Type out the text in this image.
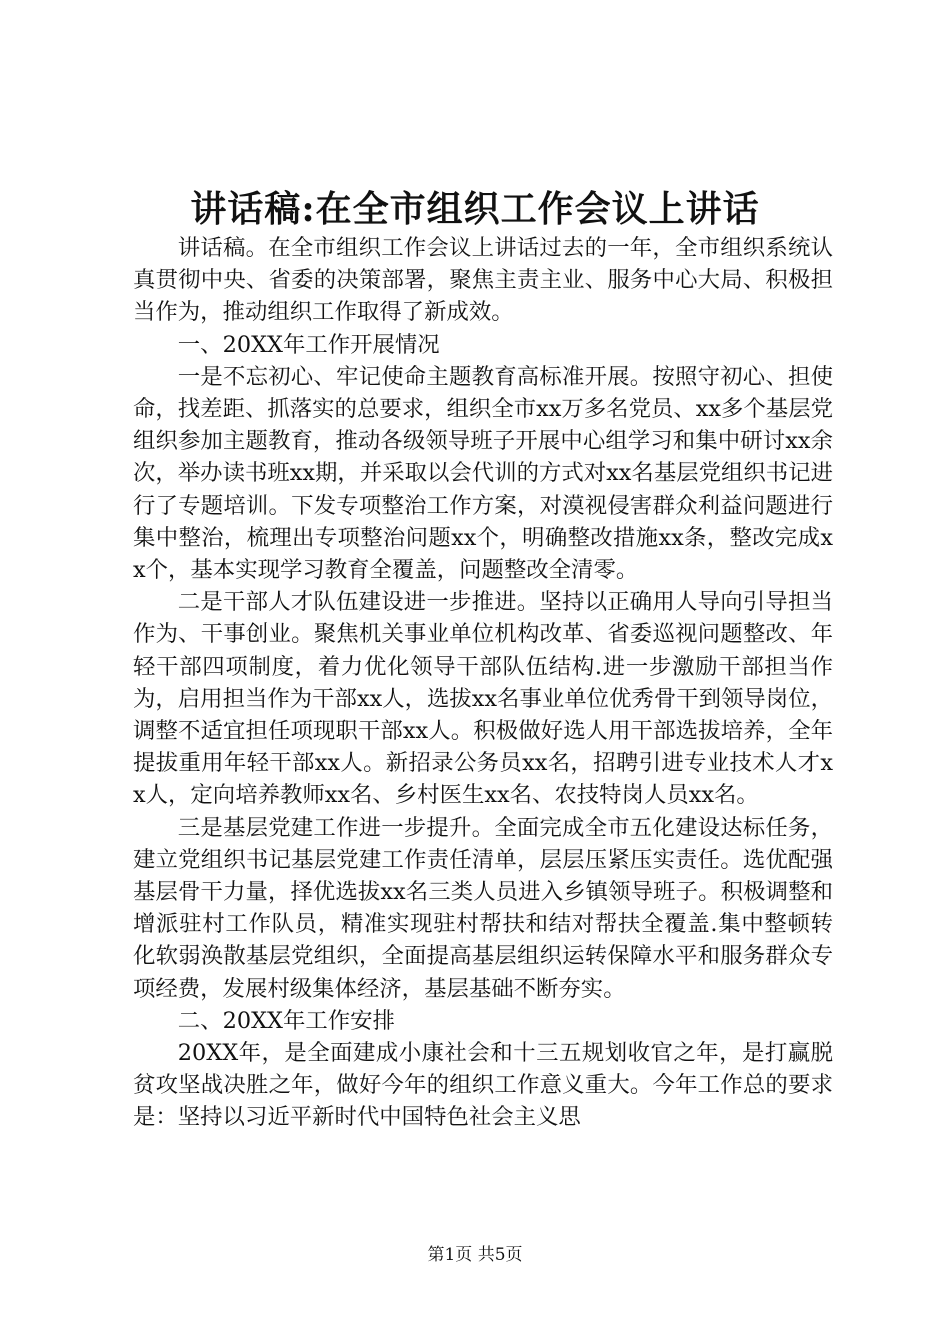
讲话稿:在全市组织工作会议上讲话

讲话稿。在全市组织工作会议上讲话过去的一年，全市组织系统认真贯彻中央、省委的决策部署，聚焦主责主业、服务中心大局、积极担当作为，推动组织工作取得了新成效。

一、20XX年工作开展情况

一是不忘初心、牢记使命主题教育高标准开展。按照守初心、担使命，找差距、抓落实的总要求，组织全市xx万多名党员、xx多个基层党组织参加主题教育，推动各级领导班子开展中心组学习和集中研讨xx余次，举办读书班xx期，并采取以会代训的方式对xx名基层党组织书记进行了专题培训。下发专项整治工作方案，对漠视侵害群众利益问题进行集中整治，梳理出专项整治问题xx个，明确整改措施xx条，整改完成xx个，基本实现学习教育全覆盖，问题整改全清零。

二是干部人才队伍建设进一步推进。坚持以正确用人导向引导担当作为、干事创业。聚焦机关事业单位机构改革、省委巡视问题整改、年轻干部四项制度，着力优化领导干部队伍结构.进一步激励干部担当作为，启用担当作为干部xx人，选拔xx名事业单位优秀骨干到领导岗位，调整不适宜担任项现职干部xx人。积极做好选人用干部选拔培养，全年提拔重用年轻干部xx人。新招录公务员xx名，招聘引进专业技术人才xx人，定向培养教师xx名、乡村医生xx名、农技特岗人员xx名。

三是基层党建工作进一步提升。全面完成全市五化建设达标任务，建立党组织书记基层党建工作责任清单，层层压紧压实责任。选优配强基层骨干力量，择优选拔xx名三类人员进入乡镇领导班子。积极调整和增派驻村工作队员，精准实现驻村帮扶和结对帮扶全覆盖.集中整顿转化软弱涣散基层党组织，全面提高基层组织运转保障水平和服务群众专项经费，发展村级集体经济，基层基础不断夯实。

二、20XX年工作安排

20XX年，是全面建成小康社会和十三五规划收官之年，是打赢脱贫攻坚战决胜之年，做好今年的组织工作意义重大。今年工作总的要求是：坚持以习近平新时代中国特色社会主义思

第1页 共5页
